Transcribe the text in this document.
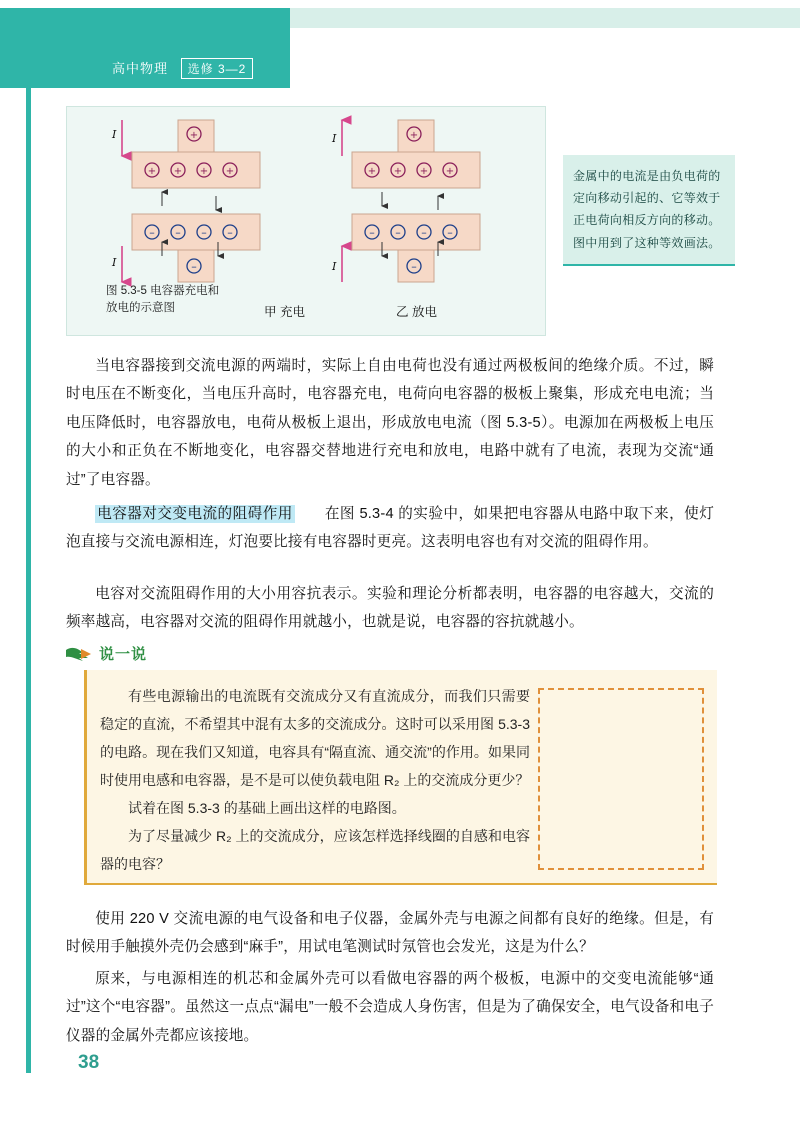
高中物理 选修 3—2
+ + + +
+
– – – –
–
I
I
+ + + +
+
– – – –
–
I
I
图 5.3-5 电容器充电和放电的示意图	甲 充电	乙 放电
金属中的电流是由负电荷的定向移动引起的、它等效于正电荷向相反方向的移动。图中用到了这种等效画法。
当电容器接到交流电源的两端时，实际上自由电荷也没有通过两极板间的绝缘介质。不过，瞬时电压在不断变化，当电压升高时，电容器充电，电荷向电容器的极板上聚集，形成充电电流；当电压降低时，电容器放电，电荷从极板上退出，形成放电电流（图 5.3-5）。电源加在两极板上电压的大小和正负在不断地变化，电容器交替地进行充电和放电，电路中就有了电流，表现为交流“通过”了电容器。
电容器对交变电流的阻碍作用　　在图 5.3-4 的实验中，如果把电容器从电路中取下来，使灯泡直接与交流电源相连，灯泡要比接有电容器时更亮。这表明电容也有对交流的阻碍作用。
电容对交流阻碍作用的大小用容抗表示。实验和理论分析都表明，电容器的电容越大，交流的频率越高，电容器对交流的阻碍作用就越小，也就是说，电容器的容抗就越小。
说一说
有些电源输出的电流既有交流成分又有直流成分，而我们只需要稳定的直流，不希望其中混有太多的交流成分。这时可以采用图 5.3-3 的电路。现在我们又知道，电容具有“隔直流、通交流”的作用。如果同时使用电感和电容器，是不是可以使负载电阻 R₂ 上的交流成分更少？
试着在图 5.3-3 的基础上画出这样的电路图。
为了尽量减少 R₂ 上的交流成分，应该怎样选择线圈的自感和电容器的电容？
使用 220 V 交流电源的电气设备和电子仪器，金属外壳与电源之间都有良好的绝缘。但是，有时候用手触摸外壳仍会感到“麻手”，用试电笔测试时氖管也会发光，这是为什么？
原来，与电源相连的机芯和金属外壳可以看做电容器的两个极板，电源中的交变电流能够“通过”这个“电容器”。虽然这一点点“漏电”一般不会造成人身伤害，但是为了确保安全，电气设备和电子仪器的金属外壳都应该接地。
38
